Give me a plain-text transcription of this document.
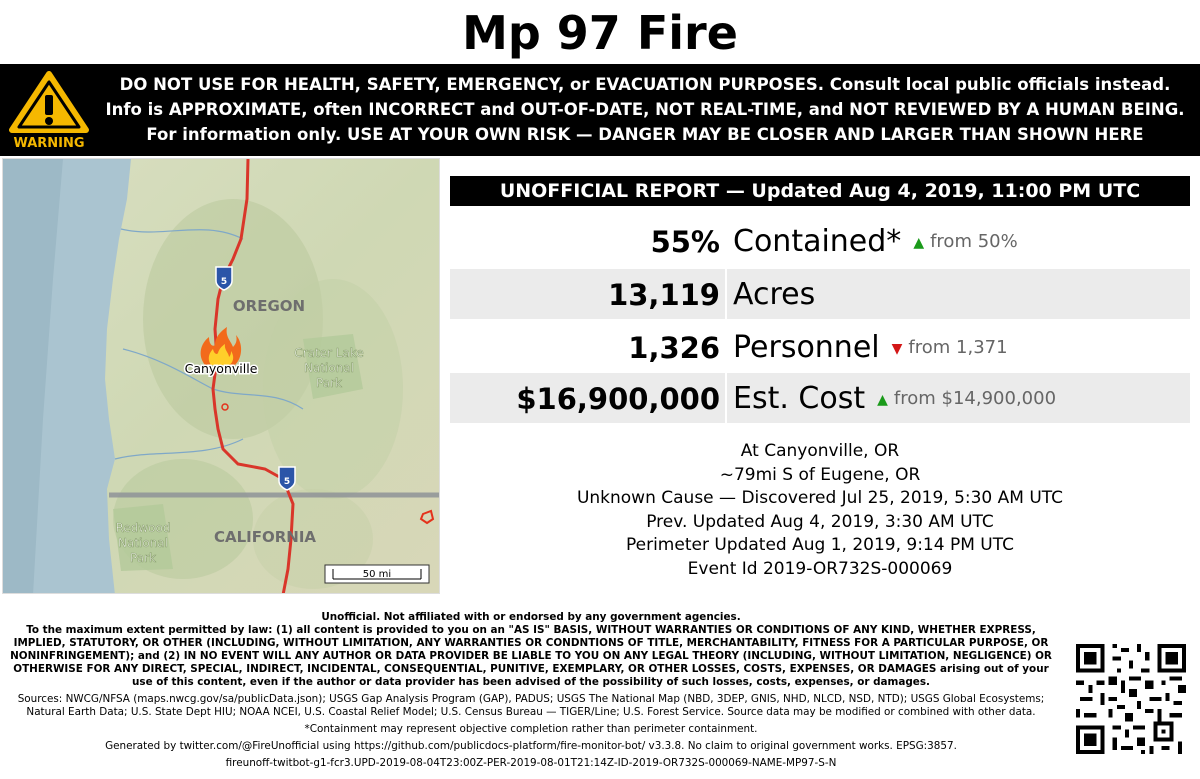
Mp 97 Fire
WARNING
DO NOT USE FOR HEALTH, SAFETY, EMERGENCY, or EVACUATION PURPOSES. Consult local public officials instead.
Info is APPROXIMATE, often INCORRECT and OUT-OF-DATE, NOT REAL-TIME, and NOT REVIEWED BY A HUMAN BEING.
For information only. USE AT YOUR OWN RISK — DANGER MAY BE CLOSER AND LARGER THAN SHOWN HERE
5
5
OREGON
CALIFORNIA
Canyonville
Crater Lake
National
Park
Redwood
National
Park
50 mi
UNOFFICIAL REPORT — Updated Aug 4, 2019, 11:00 PM UTC
55% Contained* ▲ from 50%
13,119 Acres
1,326 Personnel ▼ from 1,371
$16,900,000 Est. Cost ▲ from $14,900,000
At Canyonville, OR
~79mi S of Eugene, OR
Unknown Cause — Discovered Jul 25, 2019, 5:30 AM UTC
Prev. Updated Aug 4, 2019, 3:30 AM UTC
Perimeter Updated Aug 1, 2019, 9:14 PM UTC
Event Id 2019-OR732S-000069
Unofficial. Not affiliated with or endorsed by any government agencies.
To the maximum extent permitted by law: (1) all content is provided to you on an "AS IS" BASIS, WITHOUT WARRANTIES OR CONDITIONS OF ANY KIND, WHETHER EXPRESS, IMPLIED, STATUTORY, OR OTHER (INCLUDING, WITHOUT LIMITATION, ANY WARRANTIES OR CONDNTIONS OF TITLE, MERCHANTABILITY, FITNESS FOR A PARTICULAR PURPOSE, OR NONINFRINGEMENT); and (2) IN NO EVENT WILL ANY AUTHOR OR DATA PROVIDER BE LIABLE TO YOU ON ANY LEGAL THEORY (INCLUDING, WITHOUT LIMITATION, NEGLIGENCE) OR OTHERWISE FOR ANY DIRECT, SPECIAL, INDIRECT, INCIDENTAL, CONSEQUENTIAL, PUNITIVE, EXEMPLARY, OR OTHER LOSSES, COSTS, EXPENSES, OR DAMAGES arising out of your use of this content, even if the author or data provider has been advised of the possibility of such losses, costs, expenses, or damages.
Sources: NWCG/NFSA (maps.nwcg.gov/sa/publicData.json); USGS Gap Analysis Program (GAP), PADUS; USGS The National Map (NBD, 3DEP, GNIS, NHD, NLCD, NSD, NTD); USGS Global Ecosystems; Natural Earth Data; U.S. State Dept HIU; NOAA NCEI, U.S. Coastal Relief Model; U.S. Census Bureau — TIGER/Line; U.S. Forest Service. Source data may be modified or combined with other data.
*Containment may represent objective completion rather than perimeter containment.
Generated by twitter.com/@FireUnofficial using https://github.com/publicdocs-platform/fire-monitor-bot/ v3.3.8. No claim to original government works. EPSG:3857.
fireunoff-twitbot-g1-fcr3.UPD-2019-08-04T23:00Z-PER-2019-08-01T21:14Z-ID-2019-OR732S-000069-NAME-MP97-S-N
